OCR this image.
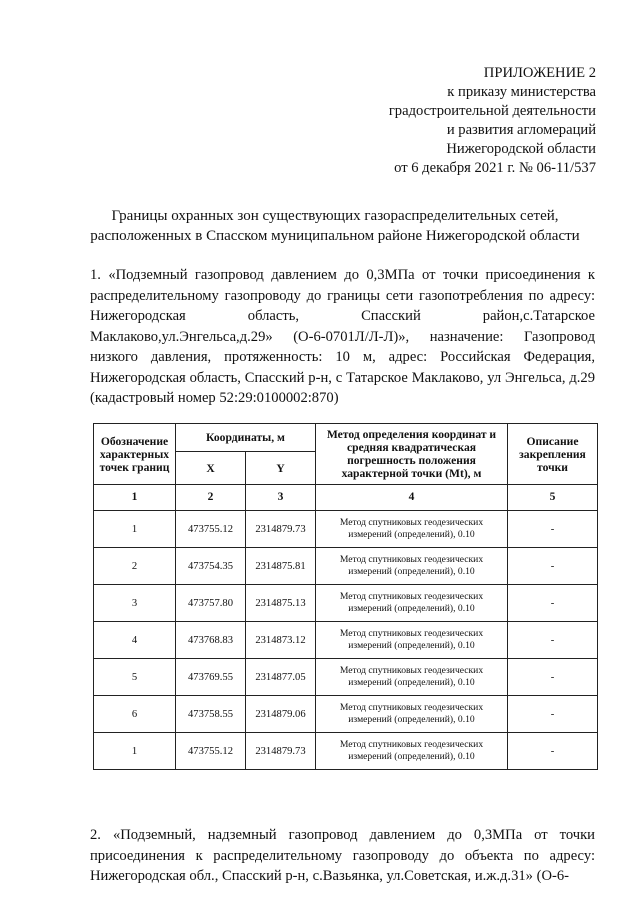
ПРИЛОЖЕНИЕ 2
к приказу министерства
градостроительной деятельности
и развития агломераций
Нижегородской области
от 6 декабря 2021 г. № 06-11/537
Границы охранных зон существующих газораспределительных сетей,
расположенных в Спасском муниципальном районе Нижегородской области
1. «Подземный газопровод давлением до 0,3МПа от точки присоединения к распределительному газопроводу до границы сети газопотребления по адресу: Нижегородская область, Спасский район,с.Татарское Маклаково,ул.Энгельса,д.29» (О-6-0701Л/Л-Л)», назначение: Газопровод низкого давления, протяженность: 10 м, адрес: Российская Федерация, Нижегородская область, Спасский р-н, с Татарское Маклаково, ул Энгельса, д.29 (кадастровый номер 52:29:0100002:870)
Обозначение характерных точек границ	Координаты, м		Метод определения координат и средняя квадратическая погрешность положения характерной точки (Mt), м	Описание закрепления точки
	X	Y		
1	2	3	4	5
1	473755.12	2314879.73	Метод спутниковых геодезических измерений (определений), 0.10	-
2	473754.35	2314875.81	Метод спутниковых геодезических измерений (определений), 0.10	-
3	473757.80	2314875.13	Метод спутниковых геодезических измерений (определений), 0.10	-
4	473768.83	2314873.12	Метод спутниковых геодезических измерений (определений), 0.10	-
5	473769.55	2314877.05	Метод спутниковых геодезических измерений (определений), 0.10	-
6	473758.55	2314879.06	Метод спутниковых геодезических измерений (определений), 0.10	-
1	473755.12	2314879.73	Метод спутниковых геодезических измерений (определений), 0.10	-
2. «Подземный, надземный газопровод давлением до 0,3МПа от точки присоединения к распределительному газопроводу до объекта по адресу: Нижегородская обл., Спасский р-н, с.Вазьянка, ул.Советская, и.ж.д.31» (О-6-
